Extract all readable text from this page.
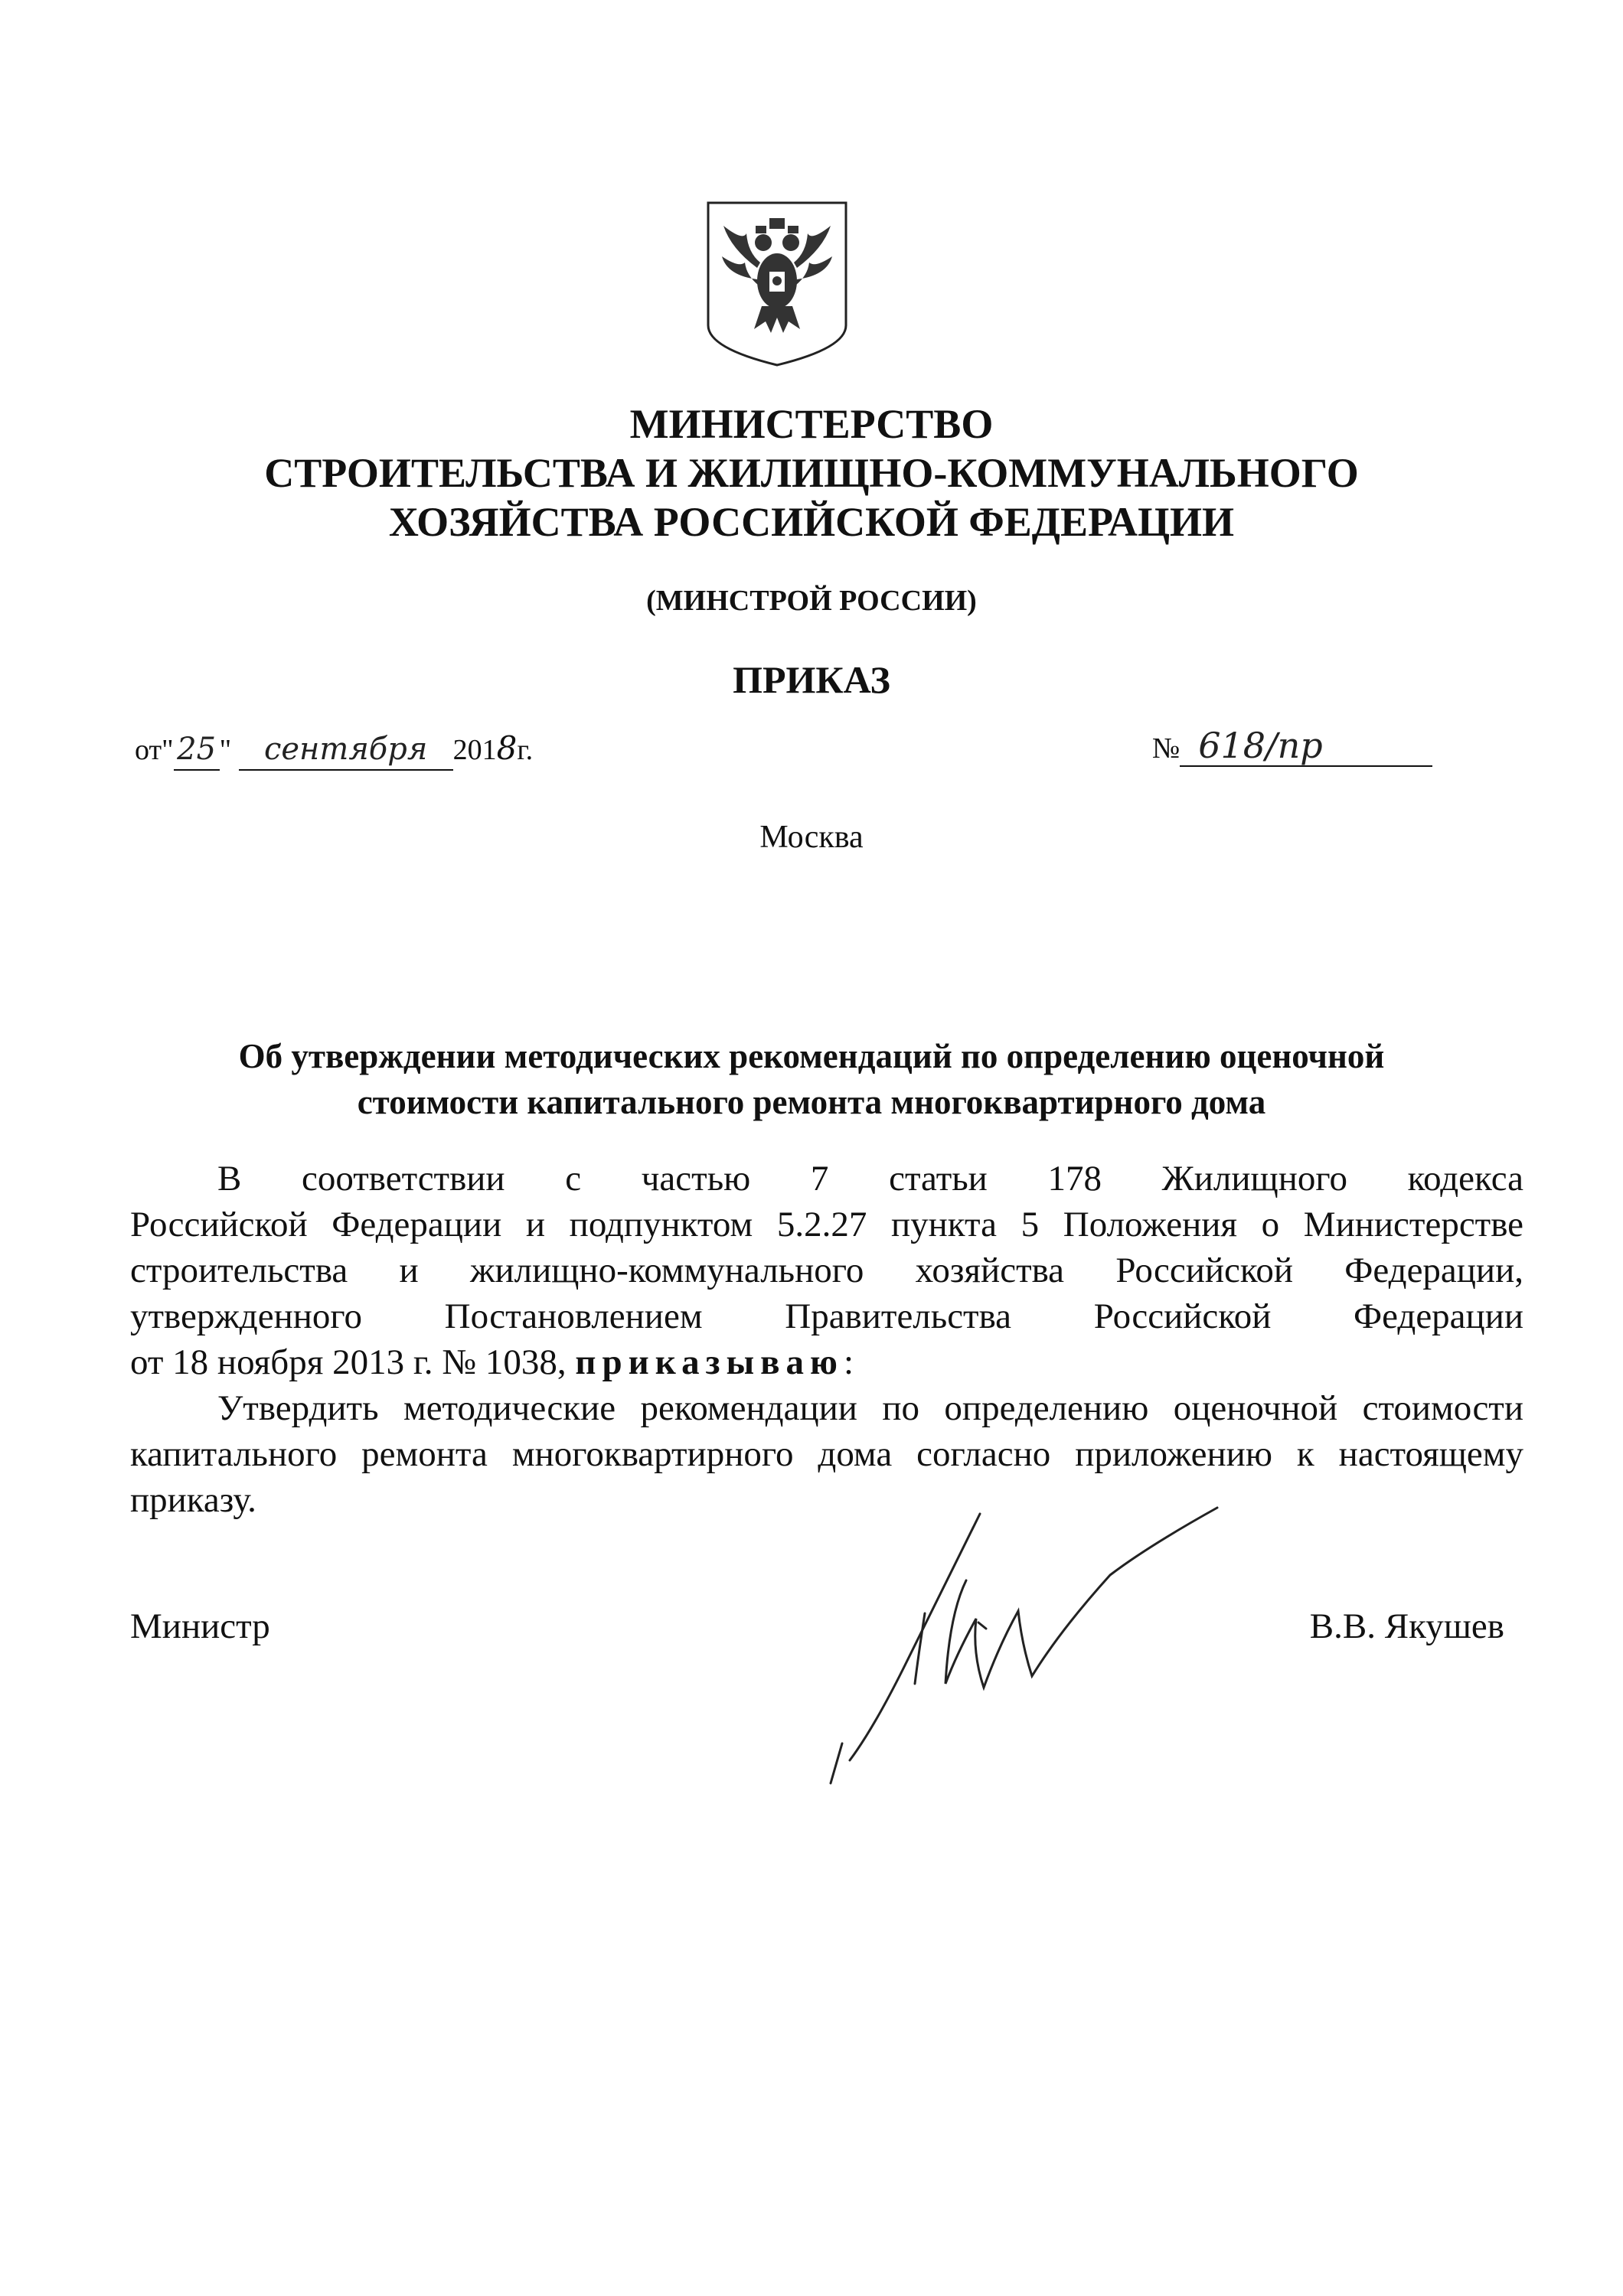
МИНИСТЕРСТВО
СТРОИТЕЛЬСТВА И ЖИЛИЩНО-КОММУНАЛЬНОГО
ХОЗЯЙСТВА РОССИЙСКОЙ ФЕДЕРАЦИИ
(МИНСТРОЙ РОССИИ)
ПРИКАЗ
от" 25 " сентября 2018г.	№ 618/пр
Москва
Об утверждении методических рекомендаций по определению оценочной
стоимости капитального ремонта многоквартирного дома
В соответствии с частью 7 статьи 178 Жилищного кодекса
Российской Федерации и подпунктом 5.2.27 пункта 5 Положения о Министерстве
строительства и жилищно-коммунального хозяйства Российской Федерации,
утвержденного Постановлением Правительства Российской Федерации
от 18 ноября 2013 г. № 1038, приказываю:
Утвердить методические рекомендации по определению оценочной стоимости
капитального ремонта многоквартирного дома согласно приложению к настоящему
приказу.
Министр	В.В. Якушев
